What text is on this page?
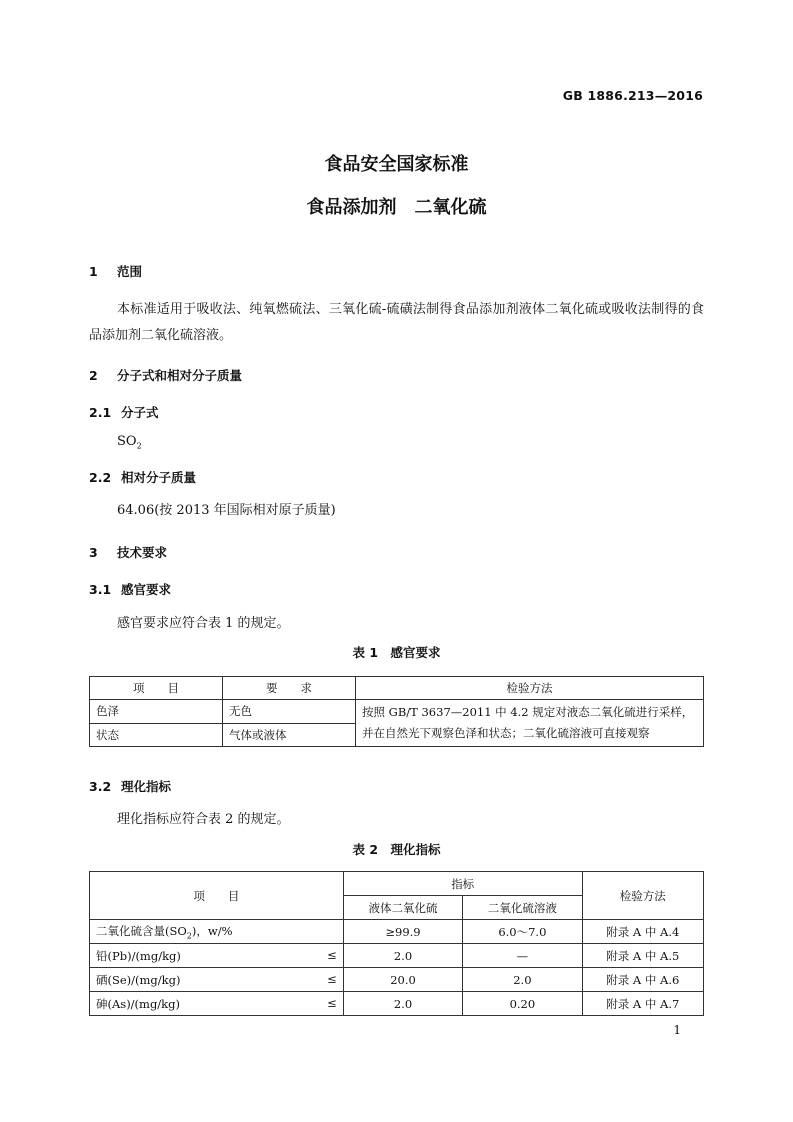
GB 1886.213—2016
食品安全国家标准
食品添加剂　二氧化硫
1 范围
本标准适用于吸收法、纯氧燃硫法、三氧化硫-硫磺法制得食品添加剂液体二氧化硫或吸收法制得的食品添加剂二氧化硫溶液。
2 分子式和相对分子质量
2.1 分子式
$SO_2$
2.2 相对分子质量
64.06(按 2013 年国际相对原子质量)
3 技术要求
3.1 感官要求
感官要求应符合表 1 的规定。
表 1　感官要求
项　　目	要　　求	检验方法
色泽	无色	按照 GB/T 3637—2011 中 4.2 规定对液态二氧化硫进行采样，并在自然光下观察色泽和状态；二氧化硫溶液可直接观察
状态	气体或液体	
3.2 理化指标
理化指标应符合表 2 的规定。
表 2　理化指标
项　　目	指标		检验方法
	液体二氧化硫	二氧化硫溶液	
二氧化硫含量$(SO_2)$，w/%	≥99.9	6.0～7.0	附录 A 中 A.4
铅(Pb)/(mg/kg) ≤	2.0	—	附录 A 中 A.5
硒(Se)/(mg/kg) ≤	20.0	2.0	附录 A 中 A.6
砷(As)/(mg/kg) ≤	2.0	0.20	附录 A 中 A.7
1
